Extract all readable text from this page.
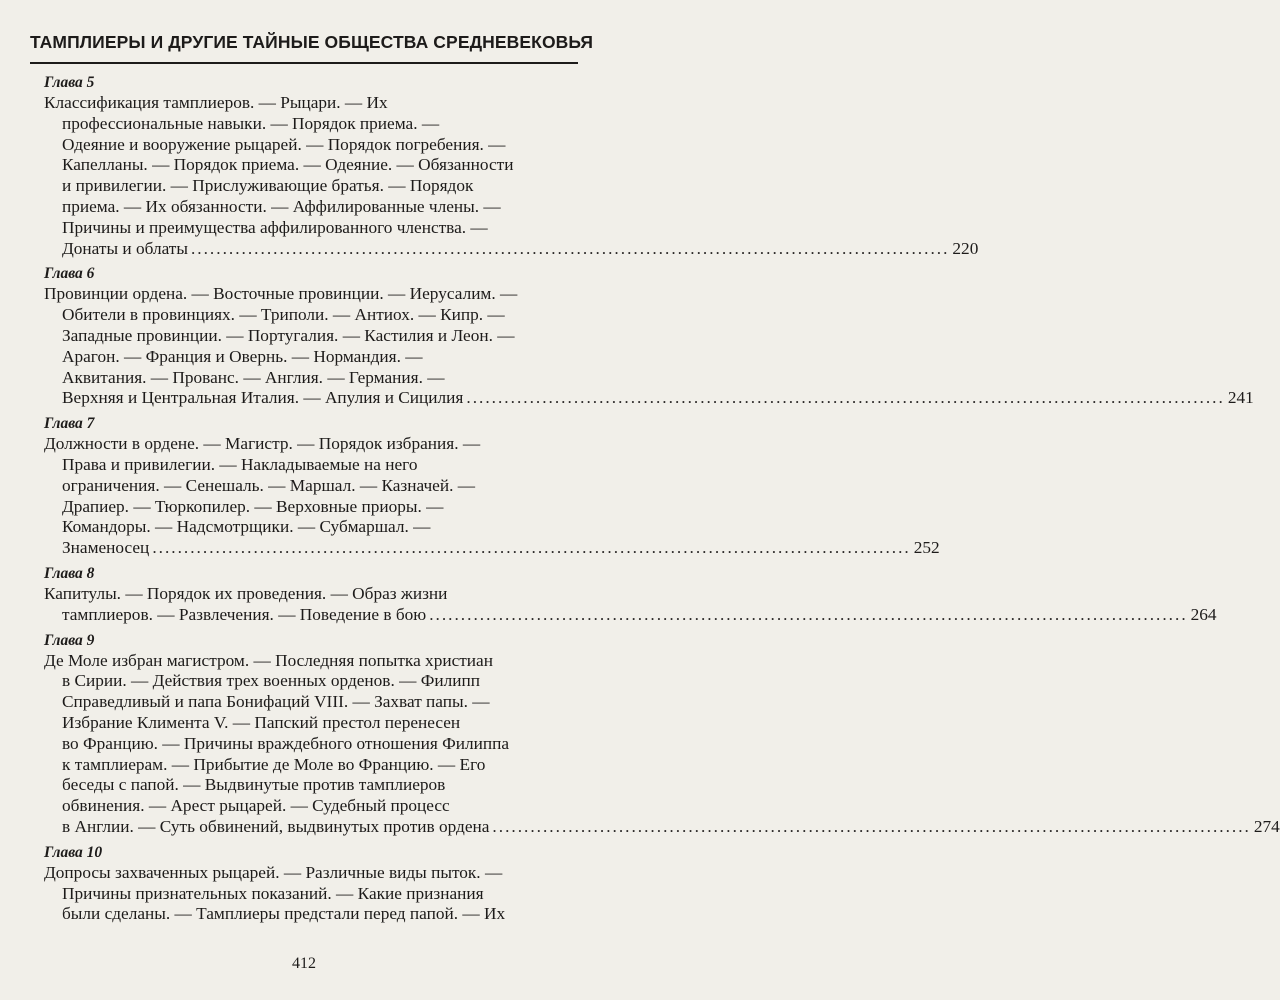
ТАМПЛИЕРЫ И ДРУГИЕ ТАЙНЫЕ ОБЩЕСТВА СРЕДНЕВЕКОВЬЯ
Глава 5
Классификация тамплиеров. — Рыцари. — Их
профессиональные навыки. — Порядок приема. —
Одеяние и вооружение рыцарей. — Порядок погребения. —
Капелланы. — Порядок приема. — Одеяние. — Обязанности
и привилегии. — Прислуживающие братья. — Порядок
приема. — Их обязанности. — Аффилированные члены. —
Причины и преимущества аффилированного членства. —
Донаты и облаты ........................................................................................................................ 220
Глава 6
Провинции ордена. — Восточные провинции. — Иерусалим. —
Обители в провинциях. — Триполи. — Антиох. — Кипр. —
Западные провинции. — Португалия. — Кастилия и Леон. —
Арагон. — Франция и Овернь. — Нормандия. —
Аквитания. — Прованс. — Англия. — Германия. —
Верхняя и Центральная Италия. — Апулия и Сицилия ........................................................................................................................ 241
Глава 7
Должности в ордене. — Магистр. — Порядок избрания. —
Права и привилегии. — Накладываемые на него
ограничения. — Сенешаль. — Маршал. — Казначей. —
Драпиер. — Тюркопилер. — Верховные приоры. —
Командоры. — Надсмотрщики. — Субмаршал. —
Знаменосец ........................................................................................................................ 252
Глава 8
Капитулы. — Порядок их проведения. — Образ жизни
тамплиеров. — Развлечения. — Поведение в бою ........................................................................................................................ 264
Глава 9
Де Моле избран магистром. — Последняя попытка христиан
в Сирии. — Действия трех военных орденов. — Филипп
Справедливый и папа Бонифаций VIII. — Захват папы. —
Избрание Климента V. — Папский престол перенесен
во Францию. — Причины враждебного отношения Филиппа
к тамплиерам. — Прибытие де Моле во Францию. — Его
беседы с папой. — Выдвинутые против тамплиеров
обвинения. — Арест рыцарей. — Судебный процесс
в Англии. — Суть обвинений, выдвинутых против ордена ........................................................................................................................ 274
Глава 10
Допросы захваченных рыцарей. — Различные виды пыток. —
Причины признательных показаний. — Какие признания
были сделаны. — Тамплиеры предстали перед папой. — Их
412
